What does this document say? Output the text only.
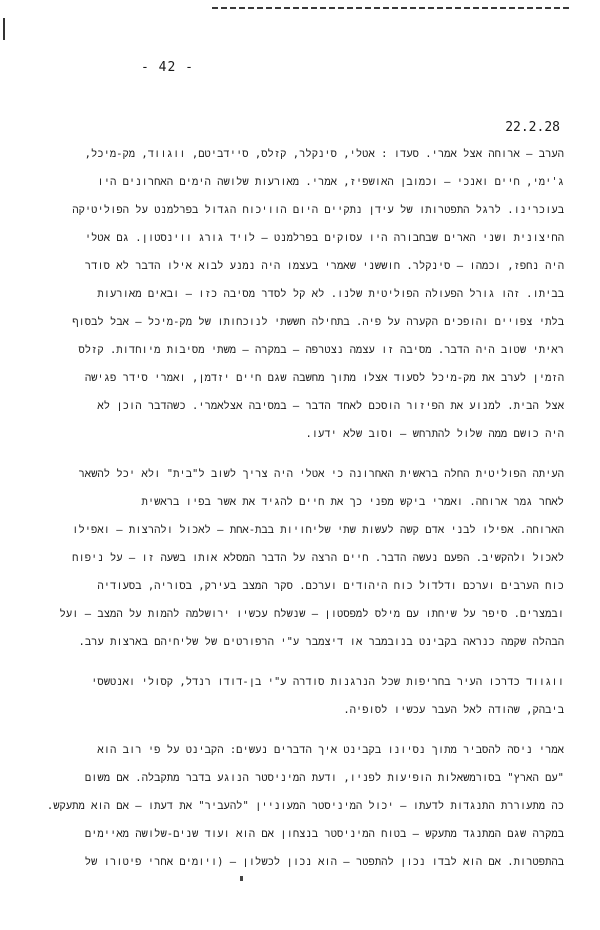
- 42 -
22.2.28
הערב – ארוחה אצל אמרי. סעדו : אטלי, סינקלר, קזלס, סיידביטם, ווגווד, מק-מיכל,
ג'ימי, חיים ואנכי – וכמובן האושפיז, אמרי. מאורעות שלושה הימים האחרונים היו
בעוכרינו. לרגל התפטרותו של עידן נתקיים היום הוויכוח הגדול בפרלמנט על הפוליטיקה
החיצונית ושני הארים שבחבורה היו עסוקים בפרלמנט – לויד גורג ווינסטון. גם אטלי
היה נחפז, וכמהו – סינקלר. חוששני שאמרי בעצמו היה נמנע לבוא אילו הדבר לא סודר
בביתו. זהו גורל הפעולה הפוליטית שלנו. לא קל לסדר מסיבה כזו – ובאים מאורעות
בלתי צפויים והופכים הקערה על פיה. בתחילה חששתי לנוכחותו של מק-מיכל – אבל לבסוף
ראיתי שטוב היה הדבר. מסיבה זו עצמה נצטרפה – במקרה – משתי מסיבות מיוחדות. קזלס
הזמין לערב את מק-מיכל לסעוד אצלו מתוך מחשבה שגם חיים יזדמן, ואמרי סידר פגישה
אצל הבית. למנוע את הפיזור הוסכם לאחד הדבר – במסיבה אצלאמרי. כשהדבר הוכן לא
היה כושם ממה שלול להתרחש – וסוב שלא ידעו.
העיתה הפוליטית החלה בראשית האחרונה כי אטלי היה צריך לשוב ל"בית" ולא יכל להשאר
לאחר גמר ארוחה. ואמרי ביקש מפני כך את חיים להגיד את אשר בפיו בראשית
הארוחה. אפילו לבני אדם קשה לעשות שתי שליחויות בבת-אחת – לאכול ולהרצות – ואפילו
לאכול ולהקשיב. הפעם נעשה הדבר. חיים הרצה על הדבר המסלא אותו בשעה זו – על ניפוח
כוח הערבים וערכם ודלדול כוח היהודים וערכם. סקר המצב בעירק, בסוריה, בסעודיה
ובמצרים. סיפר על שיחתו עם מילס למפסטון – שנשלח עכשיו ירושלמה להמות על המצב – ועל
הבהלה שקמה כנראה בקבינט בנובמבר או דיצמבר ע"י הרפורטים של שליחיהם בארצות ערב.
ווגווד כדרכו העיר בחריפות שכל הנרגנות סודרה ע"י בן-דודו רנדל, קסולי ואנטשסי
ביבהק, שהודה לאל העבר עכשיו לסופיה.
אמרי ניסה להסביר מתוך נסיונו בקבינט איך הדברים נעשים: הקבינט על פי רוב הוא
"עם הארץ" בסורמשאלות הופיעות לפניו, ודעת המיניסטר הנוגע בדבר מתקבלה. אם משום
כה מתעוררת התנגדות לדעתו – יכול המיניסטר המעוניין "להעביר" את דעתו – אם הוא מתעקש.
במקרה שגם המתנגד מתעקש – בטוח המיניסטר בנצחון אם הוא ועוד שנים-שלושה מאיימים
בהתפטרות. אם הוא לבדו נכון להתפטר – הוא נכון לכשלון – (ויומים אחרי פיטורו של
